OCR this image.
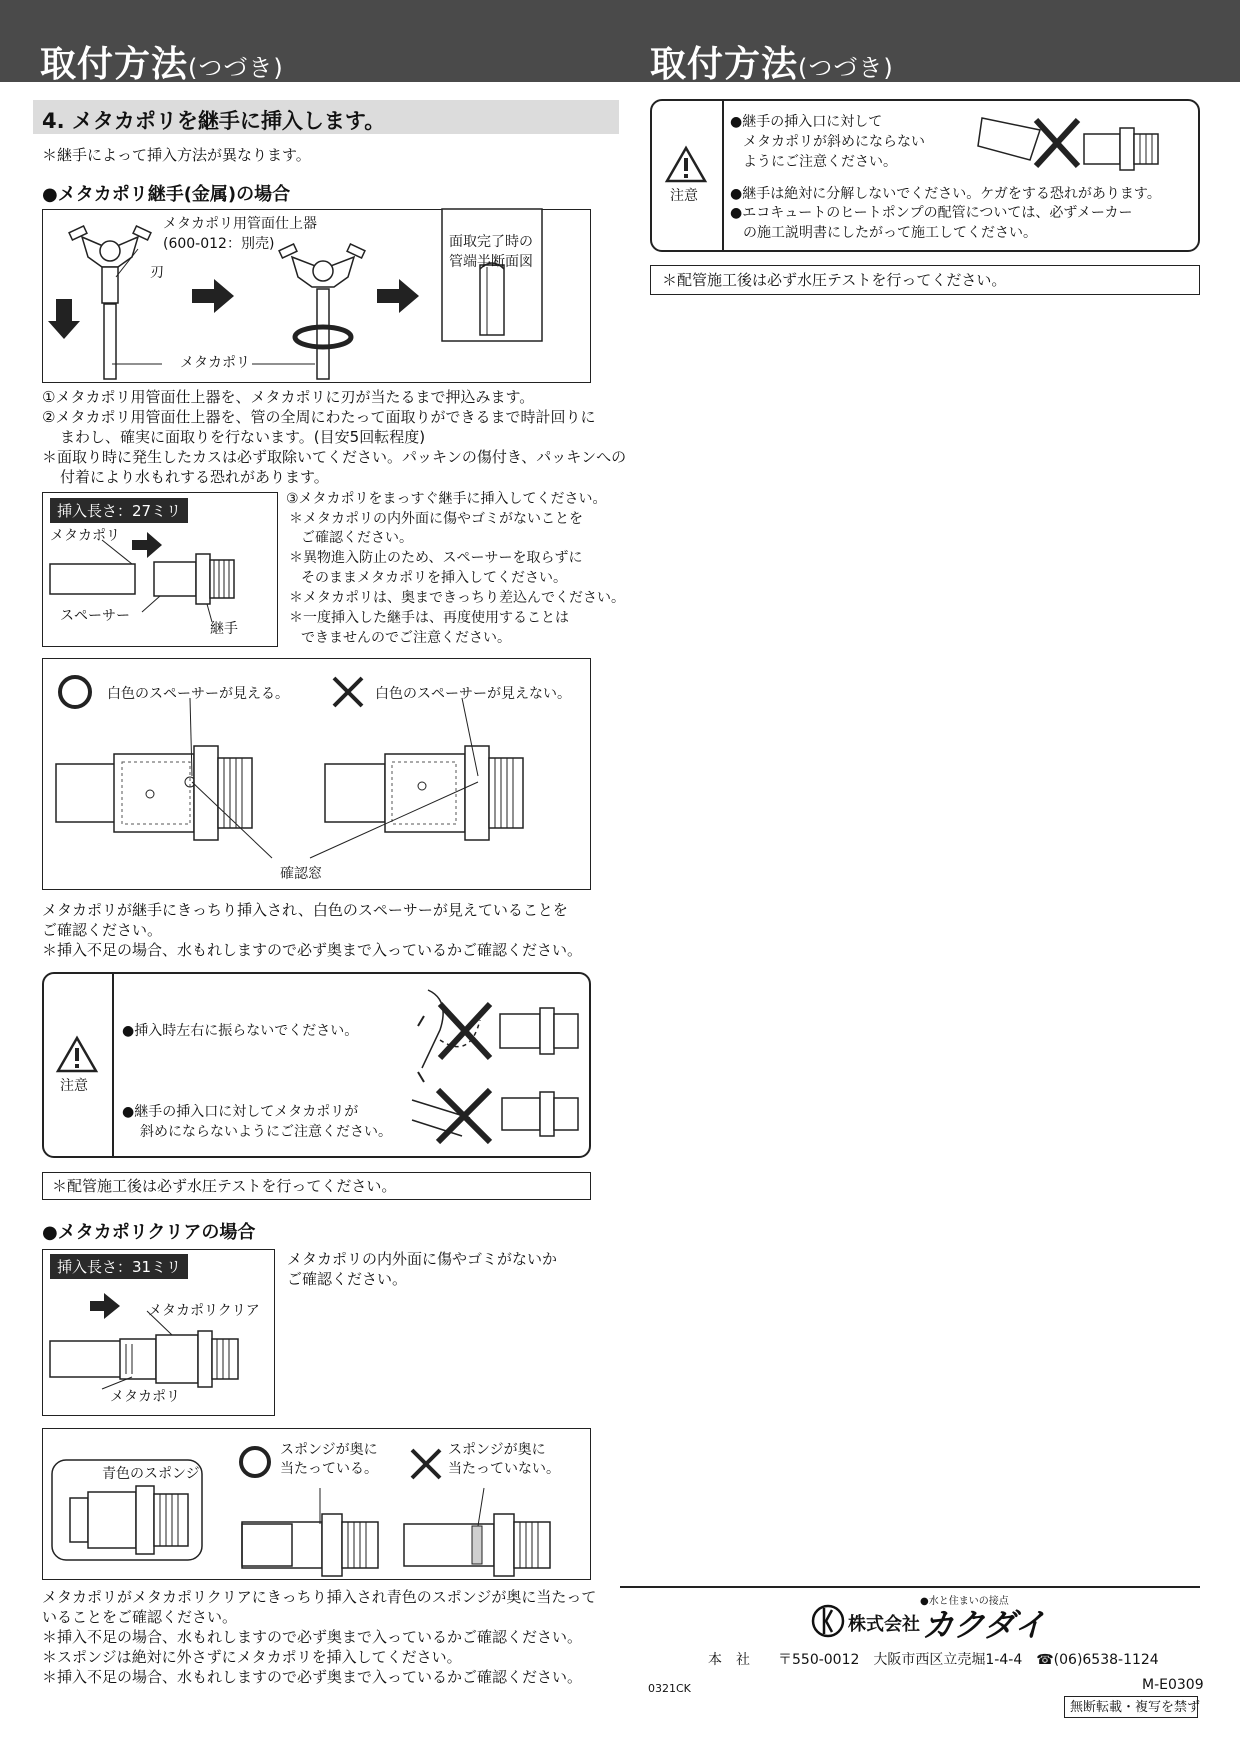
取付方法(つづき)	取付方法(つづき)
4. メタカポリを継手に挿入します。
＊継手によって挿入方法が異なります。
●メタカポリ継手(金属)の場合
メタカポリ用管面仕上器
(600-012：別売)
刃
メタカポリ
面取完了時の
管端半断面図
①メタカポリ用管面仕上器を、メタカポリに刃が当たるまで押込みます。
②メタカポリ用管面仕上器を、管の全周にわたって面取りができるまで時計回りに
まわし、確実に面取りを行ないます。(目安5回転程度)
＊面取り時に発生したカスは必ず取除いてください。パッキンの傷付き、パッキンへの
付着により水もれする恐れがあります。
挿入長さ：27ミリ
メタカポリ
スペーサー
継手
③メタカポリをまっすぐ継手に挿入してください。
＊メタカポリの内外面に傷やゴミがないことを
ご確認ください。
＊異物進入防止のため、スペーサーを取らずに
そのままメタカポリを挿入してください。
＊メタカポリは、奥まできっちり差込んでください。
＊一度挿入した継手は、再度使用することは
できませんのでご注意ください。
白色のスペーサーが見える。	白色のスペーサーが見えない。
確認窓
メタカポリが継手にきっちり挿入され、白色のスペーサーが見えていることを
ご確認ください。
＊挿入不足の場合、水もれしますので必ず奥まで入っているかご確認ください。
注意
●挿入時左右に振らないでください。
●継手の挿入口に対してメタカポリが
斜めにならないようにご注意ください。
＊配管施工後は必ず水圧テストを行ってください。
●メタカポリクリアの場合
挿入長さ：31ミリ
メタカポリクリア
メタカポリ
メタカポリの内外面に傷やゴミがないか
ご確認ください。
青色のスポンジ
スポンジが奥に
当たっている。
スポンジが奥に
当たっていない。
メタカポリがメタカポリクリアにきっちり挿入され青色のスポンジが奥に当たって
いることをご確認ください。
＊挿入不足の場合、水もれしますので必ず奥まで入っているかご確認ください。
＊スポンジは絶対に外さずにメタカポリを挿入してください。
＊挿入不足の場合、水もれしますので必ず奥まで入っているかご確認ください。
注意
●継手の挿入口に対して
メタカポリが斜めにならない
ようにご注意ください。
●継手は絶対に分解しないでください。ケガをする恐れがあります。
●エコキュートのヒートポンプの配管については、必ずメーカー
の施工説明書にしたがって施工してください。
＊配管施工後は必ず水圧テストを行ってください。
●水と住まいの接点
株式会社 カクダイ
本　社　　〒550-0012　大阪市西区立売堀1-4-4　☎(06)6538-1124
0321CK	M-E0309
無断転載・複写を禁ず
